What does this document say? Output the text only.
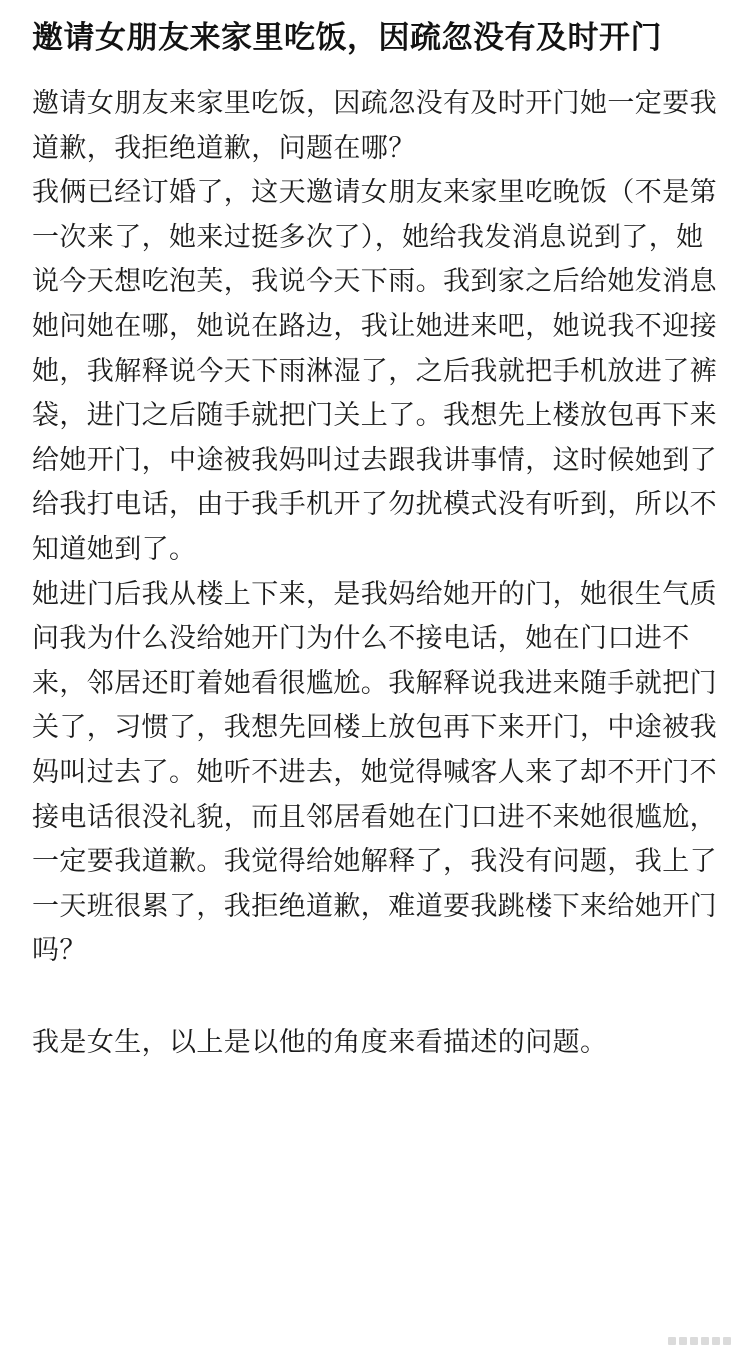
邀请女朋友来家里吃饭，因疏忽没有及时开门

邀请女朋友来家里吃饭，因疏忽没有及时开门她一定要我道歉，我拒绝道歉，问题在哪？

我俩已经订婚了，这天邀请女朋友来家里吃晚饭（不是第一次来了，她来过挺多次了），她给我发消息说到了，她说今天想吃泡芙，我说今天下雨。我到家之后给她发消息她问她在哪，她说在路边，我让她进来吧，她说我不迎接她，我解释说今天下雨淋湿了，之后我就把手机放进了裤袋，进门之后随手就把门关上了。我想先上楼放包再下来给她开门，中途被我妈叫过去跟我讲事情，这时候她到了给我打电话，由于我手机开了勿扰模式没有听到，所以不知道她到了。

她进门后我从楼上下来，是我妈给她开的门，她很生气质问我为什么没给她开门为什么不接电话，她在门口进不来，邻居还盯着她看很尴尬。我解释说我进来随手就把门关了，习惯了，我想先回楼上放包再下来开门，中途被我妈叫过去了。她听不进去，她觉得喊客人来了却不开门不接电话很没礼貌，而且邻居看她在门口进不来她很尴尬，一定要我道歉。我觉得给她解释了，我没有问题，我上了一天班很累了，我拒绝道歉，难道要我跳楼下来给她开门吗？

我是女生，以上是以他的角度来看描述的问题。
